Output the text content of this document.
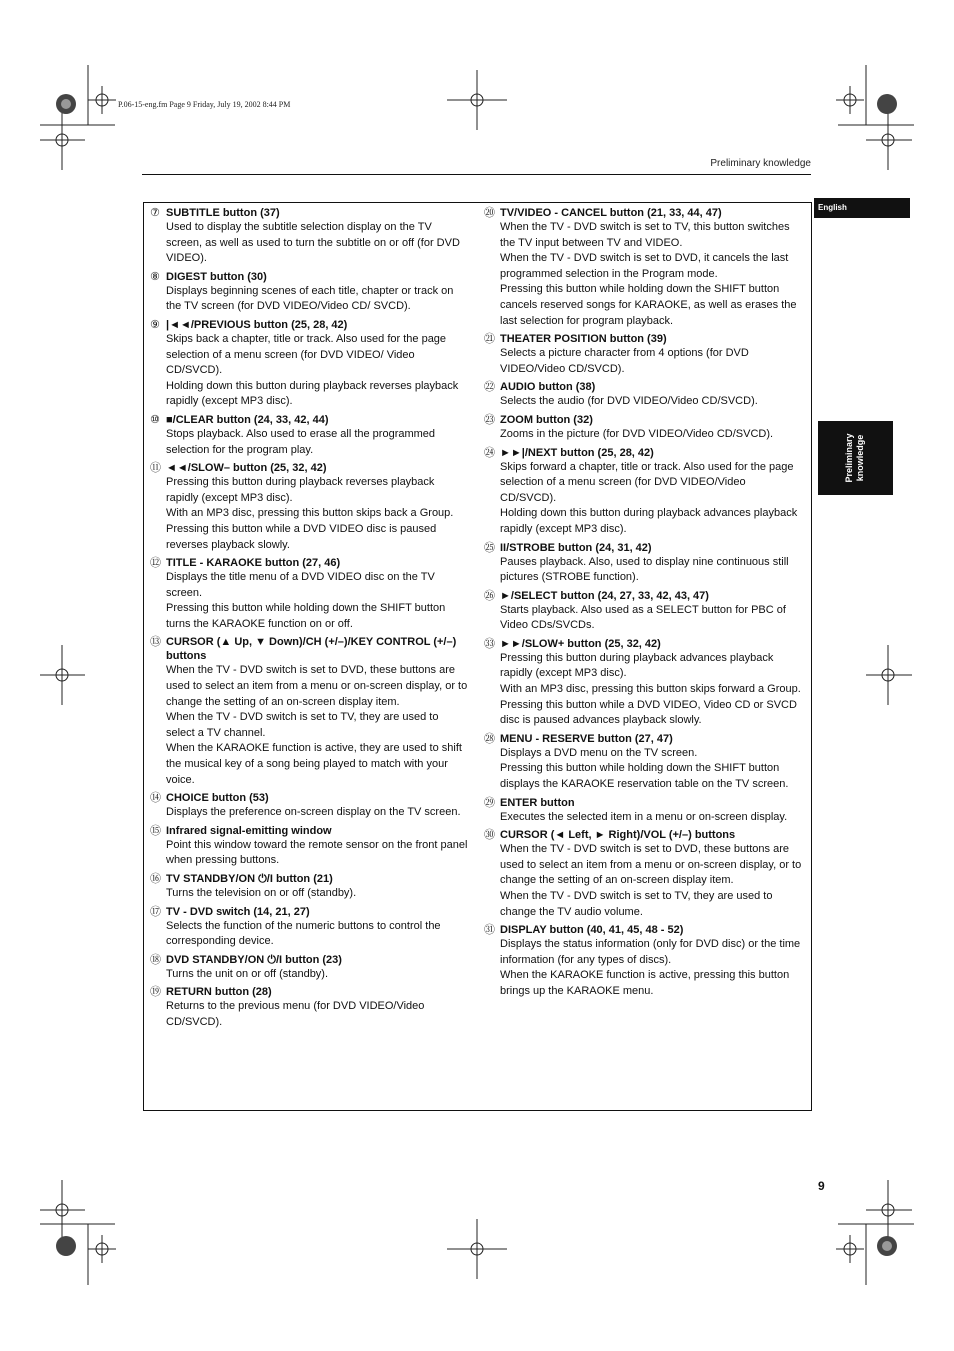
P.06-15-eng.fm Page 9 Friday, July 19, 2002 8:44 PM
Preliminary knowledge
English
Preliminary
knowledge
⑦ SUBTITLE button (37)

Used to display the subtitle selection display on the TV screen, as well as used to turn the subtitle on or off (for DVD VIDEO).

⑧ DIGEST button (30)

Displays beginning scenes of each title, chapter or track on the TV screen (for DVD VIDEO/Video CD/ SVCD).

⑨ |◄◄/PREVIOUS button (25, 28, 42)

Skips back a chapter, title or track. Also used for the page selection of a menu screen (for DVD VIDEO/ Video CD/SVCD).

Holding down this button during playback reverses playback rapidly (except MP3 disc).

⑩ ■/CLEAR button (24, 33, 42, 44)

Stops playback. Also used to erase all the programmed selection for the program play.

⑪ ◄◄/SLOW– button (25, 32, 42)

Pressing this button during playback reverses playback rapidly (except MP3 disc).

With an MP3 disc, pressing this button skips back a Group.

Pressing this button while a DVD VIDEO disc is paused reverses playback slowly.

⑫ TITLE - KARAOKE button (27, 46)

Displays the title menu of a DVD VIDEO disc on the TV screen.

Pressing this button while holding down the SHIFT button turns the KARAOKE function on or off.

⑬ CURSOR (▲ Up, ▼ Down)/CH (+/–)/KEY CONTROL (+/–) buttons

When the TV - DVD switch is set to DVD, these buttons are used to select an item from a menu or on-screen display, or to change the setting of an on-screen display item.

When the TV - DVD switch is set to TV, they are used to select a TV channel.

When the KARAOKE function is active, they are used to shift the musical key of a song being played to match with your voice.

⑭ CHOICE button (53)

Displays the preference on-screen display on the TV screen.

⑮ Infrared signal-emitting window

Point this window toward the remote sensor on the front panel when pressing buttons.

⑯ TV STANDBY/ON ⏻/I button (21)

Turns the television on or off (standby).

⑰ TV - DVD switch (14, 21, 27)

Selects the function of the numeric buttons to control the corresponding device.

⑱ DVD STANDBY/ON ⏻/I button (23)

Turns the unit on or off (standby).

⑲ RETURN button (28)

Returns to the previous menu (for DVD VIDEO/Video CD/SVCD).

⑳ TV/VIDEO - CANCEL button (21, 33, 44, 47)

When the TV - DVD switch is set to TV, this button switches the TV input between TV and VIDEO.

When the TV - DVD switch is set to DVD, it cancels the last programmed selection in the Program mode.

Pressing this button while holding down the SHIFT button cancels reserved songs for KARAOKE, as well as erases the last selection for program playback.

㉑ THEATER POSITION button (39)

Selects a picture character from 4 options (for DVD VIDEO/Video CD/SVCD).

㉒ AUDIO button (38)

Selects the audio (for DVD VIDEO/Video CD/SVCD).

㉓ ZOOM button (32)

Zooms in the picture (for DVD VIDEO/Video CD/SVCD).

㉔ ►►|/NEXT button (25, 28, 42)

Skips forward a chapter, title or track. Also used for the page selection of a menu screen (for DVD VIDEO/Video CD/SVCD).

Holding down this button during playback advances playback rapidly (except MP3 disc).

㉕ II/STROBE button (24, 31, 42)

Pauses playback. Also, used to display nine continuous still pictures (STROBE function).

㉖ ►/SELECT button (24, 27, 33, 42, 43, 47)

Starts playback. Also used as a SELECT button for PBC of Video CDs/SVCDs.

㉝ ►►/SLOW+ button (25, 32, 42)

Pressing this button during playback advances playback rapidly (except MP3 disc).

With an MP3 disc, pressing this button skips forward a Group.

Pressing this button while a DVD VIDEO, Video CD or SVCD disc is paused advances playback slowly.

㉘ MENU - RESERVE button (27, 47)

Displays a DVD menu on the TV screen.

Pressing this button while holding down the SHIFT button displays the KARAOKE reservation table on the TV screen.

㉙ ENTER button

Executes the selected item in a menu or on-screen display.

㉚ CURSOR (◄ Left, ► Right)/VOL (+/–) buttons

When the TV - DVD switch is set to DVD, these buttons are used to select an item from a menu or on-screen display, or to change the setting of an on-screen display item.

When the TV - DVD switch is set to TV, they are used to change the TV audio volume.

㉛ DISPLAY button (40, 41, 45, 48 - 52)

Displays the status information (only for DVD disc) or the time information (for any types of discs).

When the KARAOKE function is active, pressing this button brings up the KARAOKE menu.

9
